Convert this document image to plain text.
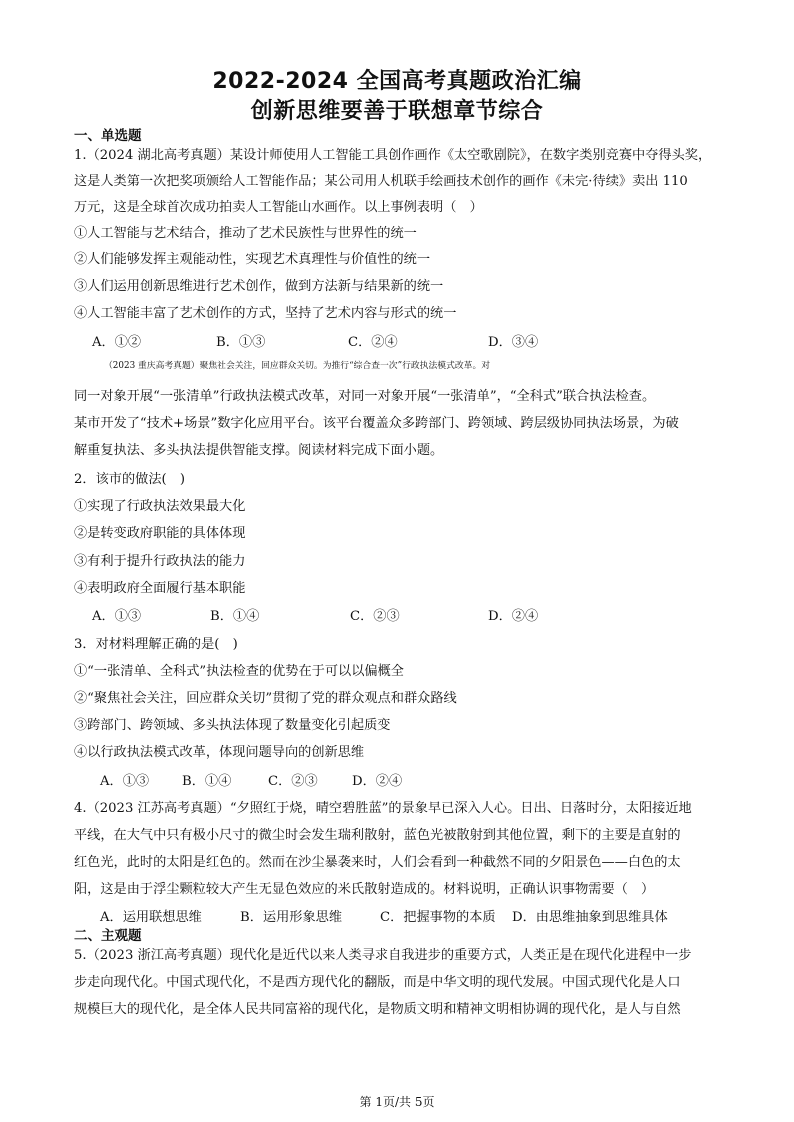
2022-2024 全国高考真题政治汇编
创新思维要善于联想章节综合
一、单选题
1.（2024 湖北高考真题）某设计师使用人工智能工具创作画作《太空歌剧院》，在数字类别竞赛中夺得头奖，
这是人类第一次把奖项颁给人工智能作品；某公司用人机联手绘画技术创作的画作《未完·待续》卖出 110
万元，这是全球首次成功拍卖人工智能山水画作。以上事例表明（　）
①人工智能与艺术结合，推动了艺术民族性与世界性的统一
②人们能够发挥主观能动性，实现艺术真理性与价值性的统一
③人们运用创新思维进行艺术创作，做到方法新与结果新的统一
④人工智能丰富了艺术创作的方式，坚持了艺术内容与形式的统一
A．①②	B．①③	C．②④	D．③④
（2023 重庆高考真题）聚焦社会关注，回应群众关切。为推行“综合查一次”行政执法模式改革。对
同一对象开展“一张清单”行政执法模式改革，对同一对象开展“一张清单”，“全科式”联合执法检查。
某市开发了“技术+场景”数字化应用平台。该平台覆盖众多跨部门、跨领域、跨层级协同执法场景，为破
解重复执法、多头执法提供智能支撑。阅读材料完成下面小题。
2．该市的做法(　)
①实现了行政执法效果最大化
②是转变政府职能的具体体现
③有利于提升行政执法的能力
④表明政府全面履行基本职能
A．①③	B．①④	C．②③	D．②④
3．对材料理解正确的是(　)
①“一张清单、全科式”执法检查的优势在于可以以偏概全
②“聚焦社会关注，回应群众关切”贯彻了党的群众观点和群众路线
③跨部门、跨领域、多头执法体现了数量变化引起质变
④以行政执法模式改革，体现问题导向的创新思维
A．①③ B．①④	C．②③	D．②④
4.（2023 江苏高考真题）“夕照红于烧，晴空碧胜蓝”的景象早已深入人心。日出、日落时分，太阳接近地
平线，在大气中只有极小尺寸的微尘时会发生瑞利散射，蓝色光被散射到其他位置，剩下的主要是直射的
红色光，此时的太阳是红色的。然而在沙尘暴袭来时，人们会看到一种截然不同的夕阳景色——白色的太
阳，这是由于浮尘颗粒较大产生无显色效应的米氏散射造成的。材料说明，正确认识事物需要（　）
A．运用联想思维	B．运用形象思维	C．把握事物的本质 D．由思维抽象到思维具体
二、主观题
5.（2023 浙江高考真题）现代化是近代以来人类寻求自我进步的重要方式，人类正是在现代化进程中一步
步走向现代化。中国式现代化，不是西方现代化的翻版，而是中华文明的现代发展。中国式现代化是人口
规模巨大的现代化，是全体人民共同富裕的现代化，是物质文明和精神文明相协调的现代化，是人与自然
第 1页/共 5页
